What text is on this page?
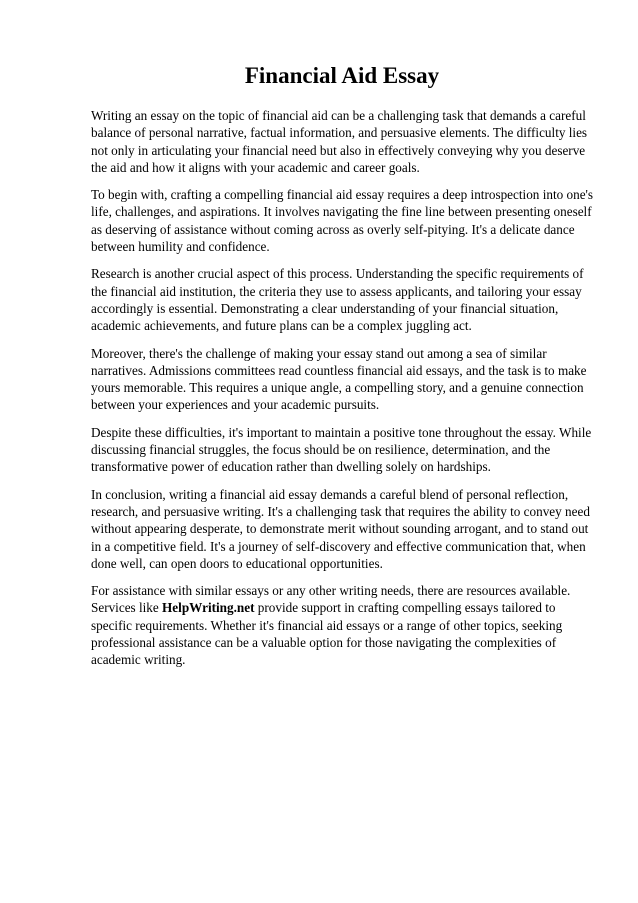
Financial Aid Essay

Writing an essay on the topic of financial aid can be a challenging task that demands a careful balance of personal narrative, factual information, and persuasive elements. The difficulty lies not only in articulating your financial need but also in effectively conveying why you deserve the aid and how it aligns with your academic and career goals.

To begin with, crafting a compelling financial aid essay requires a deep introspection into one's life, challenges, and aspirations. It involves navigating the fine line between presenting oneself as deserving of assistance without coming across as overly self-pitying. It's a delicate dance between humility and confidence.

Research is another crucial aspect of this process. Understanding the specific requirements of the financial aid institution, the criteria they use to assess applicants, and tailoring your essay accordingly is essential. Demonstrating a clear understanding of your financial situation, academic achievements, and future plans can be a complex juggling act.

Moreover, there's the challenge of making your essay stand out among a sea of similar narratives. Admissions committees read countless financial aid essays, and the task is to make yours memorable. This requires a unique angle, a compelling story, and a genuine connection between your experiences and your academic pursuits.

Despite these difficulties, it's important to maintain a positive tone throughout the essay. While discussing financial struggles, the focus should be on resilience, determination, and the transformative power of education rather than dwelling solely on hardships.

In conclusion, writing a financial aid essay demands a careful blend of personal reflection, research, and persuasive writing. It's a challenging task that requires the ability to convey need without appearing desperate, to demonstrate merit without sounding arrogant, and to stand out in a competitive field. It's a journey of self-discovery and effective communication that, when done well, can open doors to educational opportunities.

For assistance with similar essays or any other writing needs, there are resources available. Services like HelpWriting.net provide support in crafting compelling essays tailored to specific requirements. Whether it's financial aid essays or a range of other topics, seeking professional assistance can be a valuable option for those navigating the complexities of academic writing.
